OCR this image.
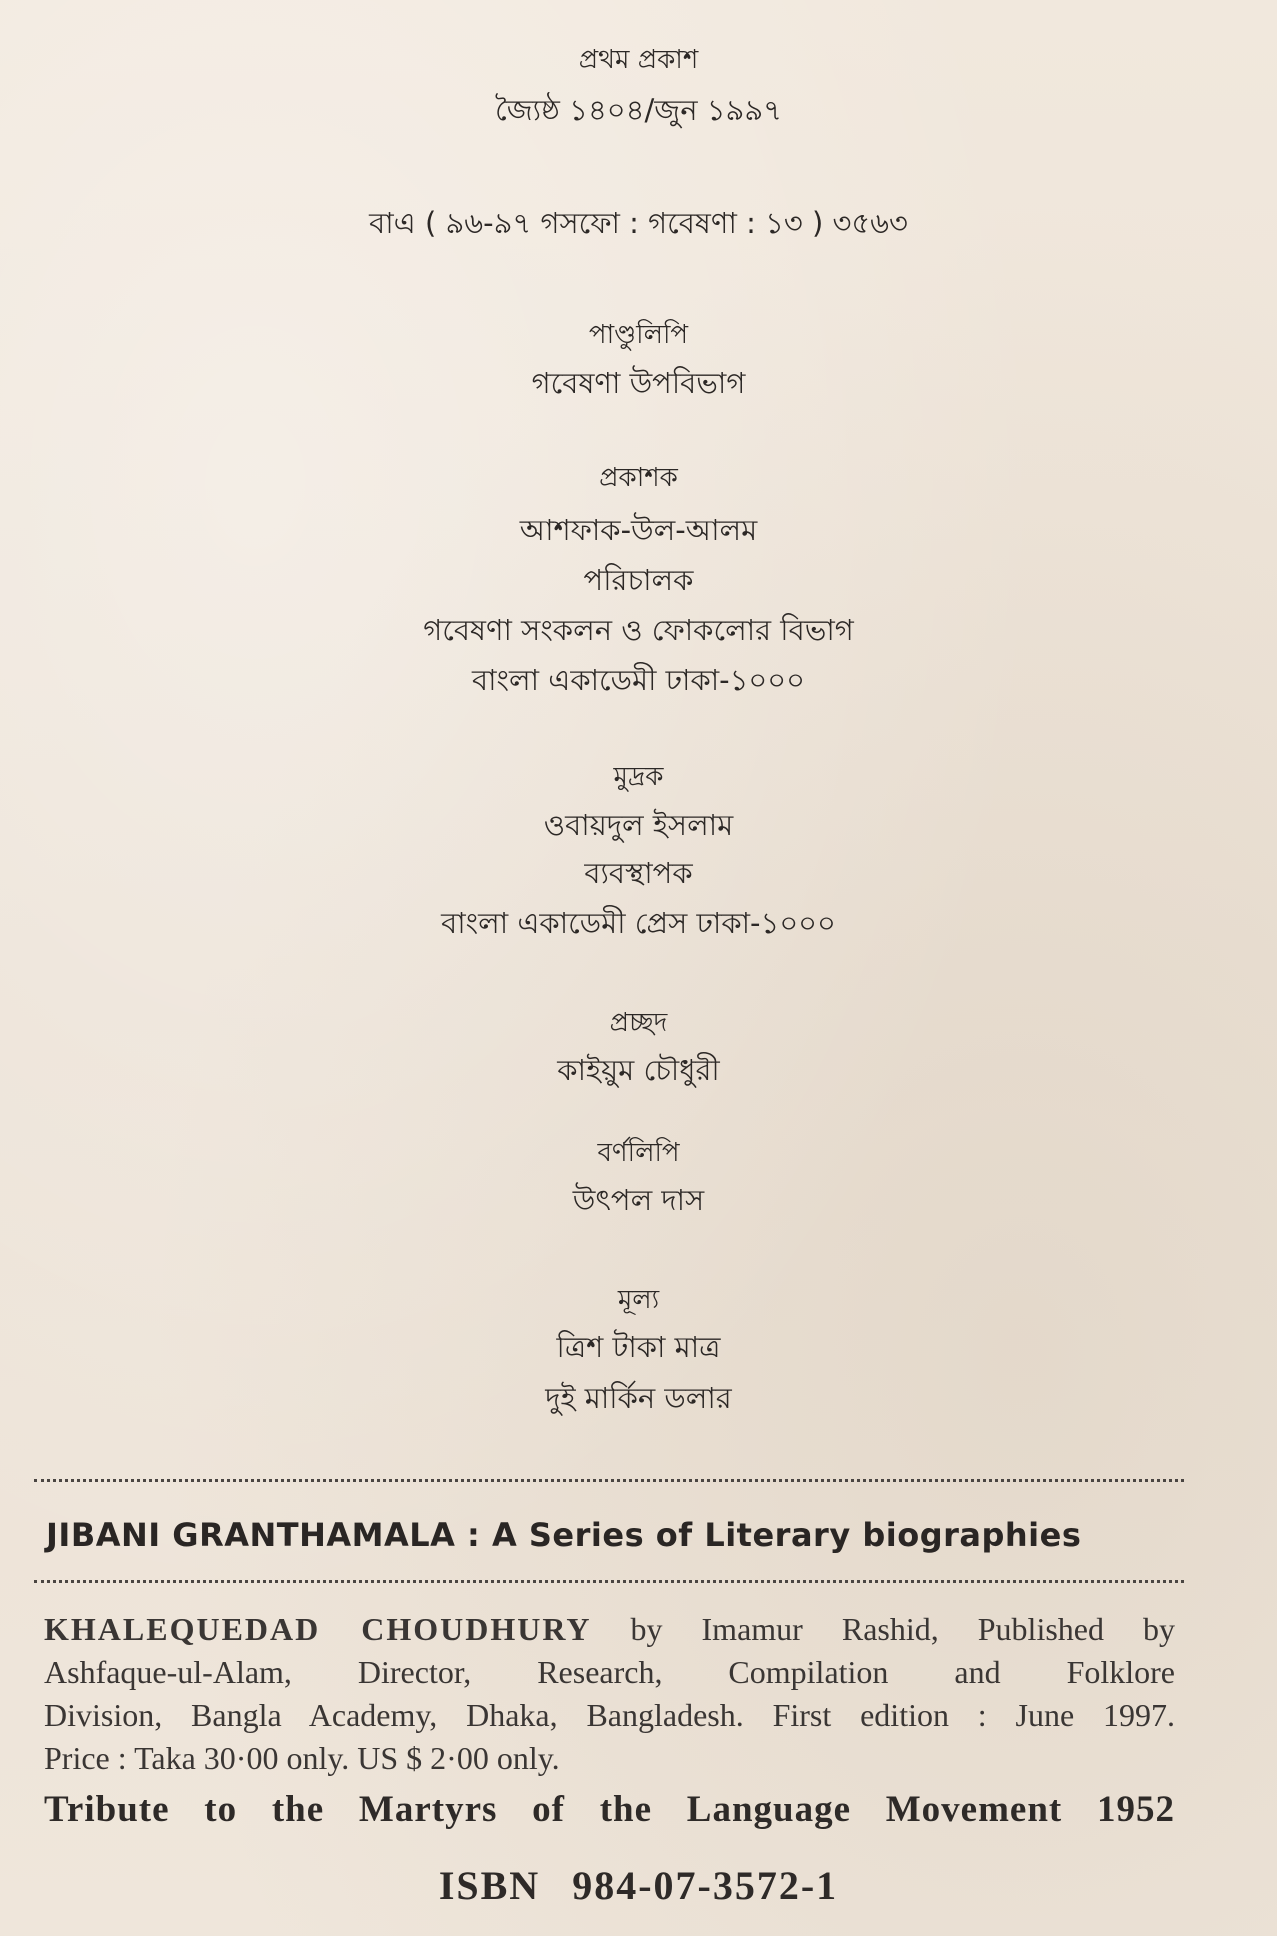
প্রথম প্রকাশ
জ্যৈষ্ঠ ১৪০৪/জুন ১৯৯৭
বাএ ( ৯৬-৯৭ গসফো : গবেষণা : ১৩ ) ৩৫৬৩
পাণ্ডুলিপি
গবেষণা উপবিভাগ
প্রকাশক
আশফাক-উল-আলম
পরিচালক
গবেষণা সংকলন ও ফোকলোর বিভাগ
বাংলা একাডেমী ঢাকা-১০০০
মুদ্রক
ওবায়দুল ইসলাম
ব্যবস্থাপক
বাংলা একাডেমী প্রেস ঢাকা-১০০০
প্রচ্ছদ
কাইয়ুম চৌধুরী
বর্ণলিপি
উৎপল দাস
মূল্য
ত্রিশ টাকা মাত্র
দুই মার্কিন ডলার
JIBANI GRANTHAMALA : A Series of Literary biographies
KHALEQUEDAD CHOUDHURY by Imamur Rashid, Published by
Ashfaque-ul-Alam, Director, Research, Compilation and Folklore
Division, Bangla Academy, Dhaka, Bangladesh. First edition : June 1997.
Price : Taka 30·00 only. US $ 2·00 only.
Tribute to the Martyrs of the Language Movement 1952
ISBN 984-07-3572-1
